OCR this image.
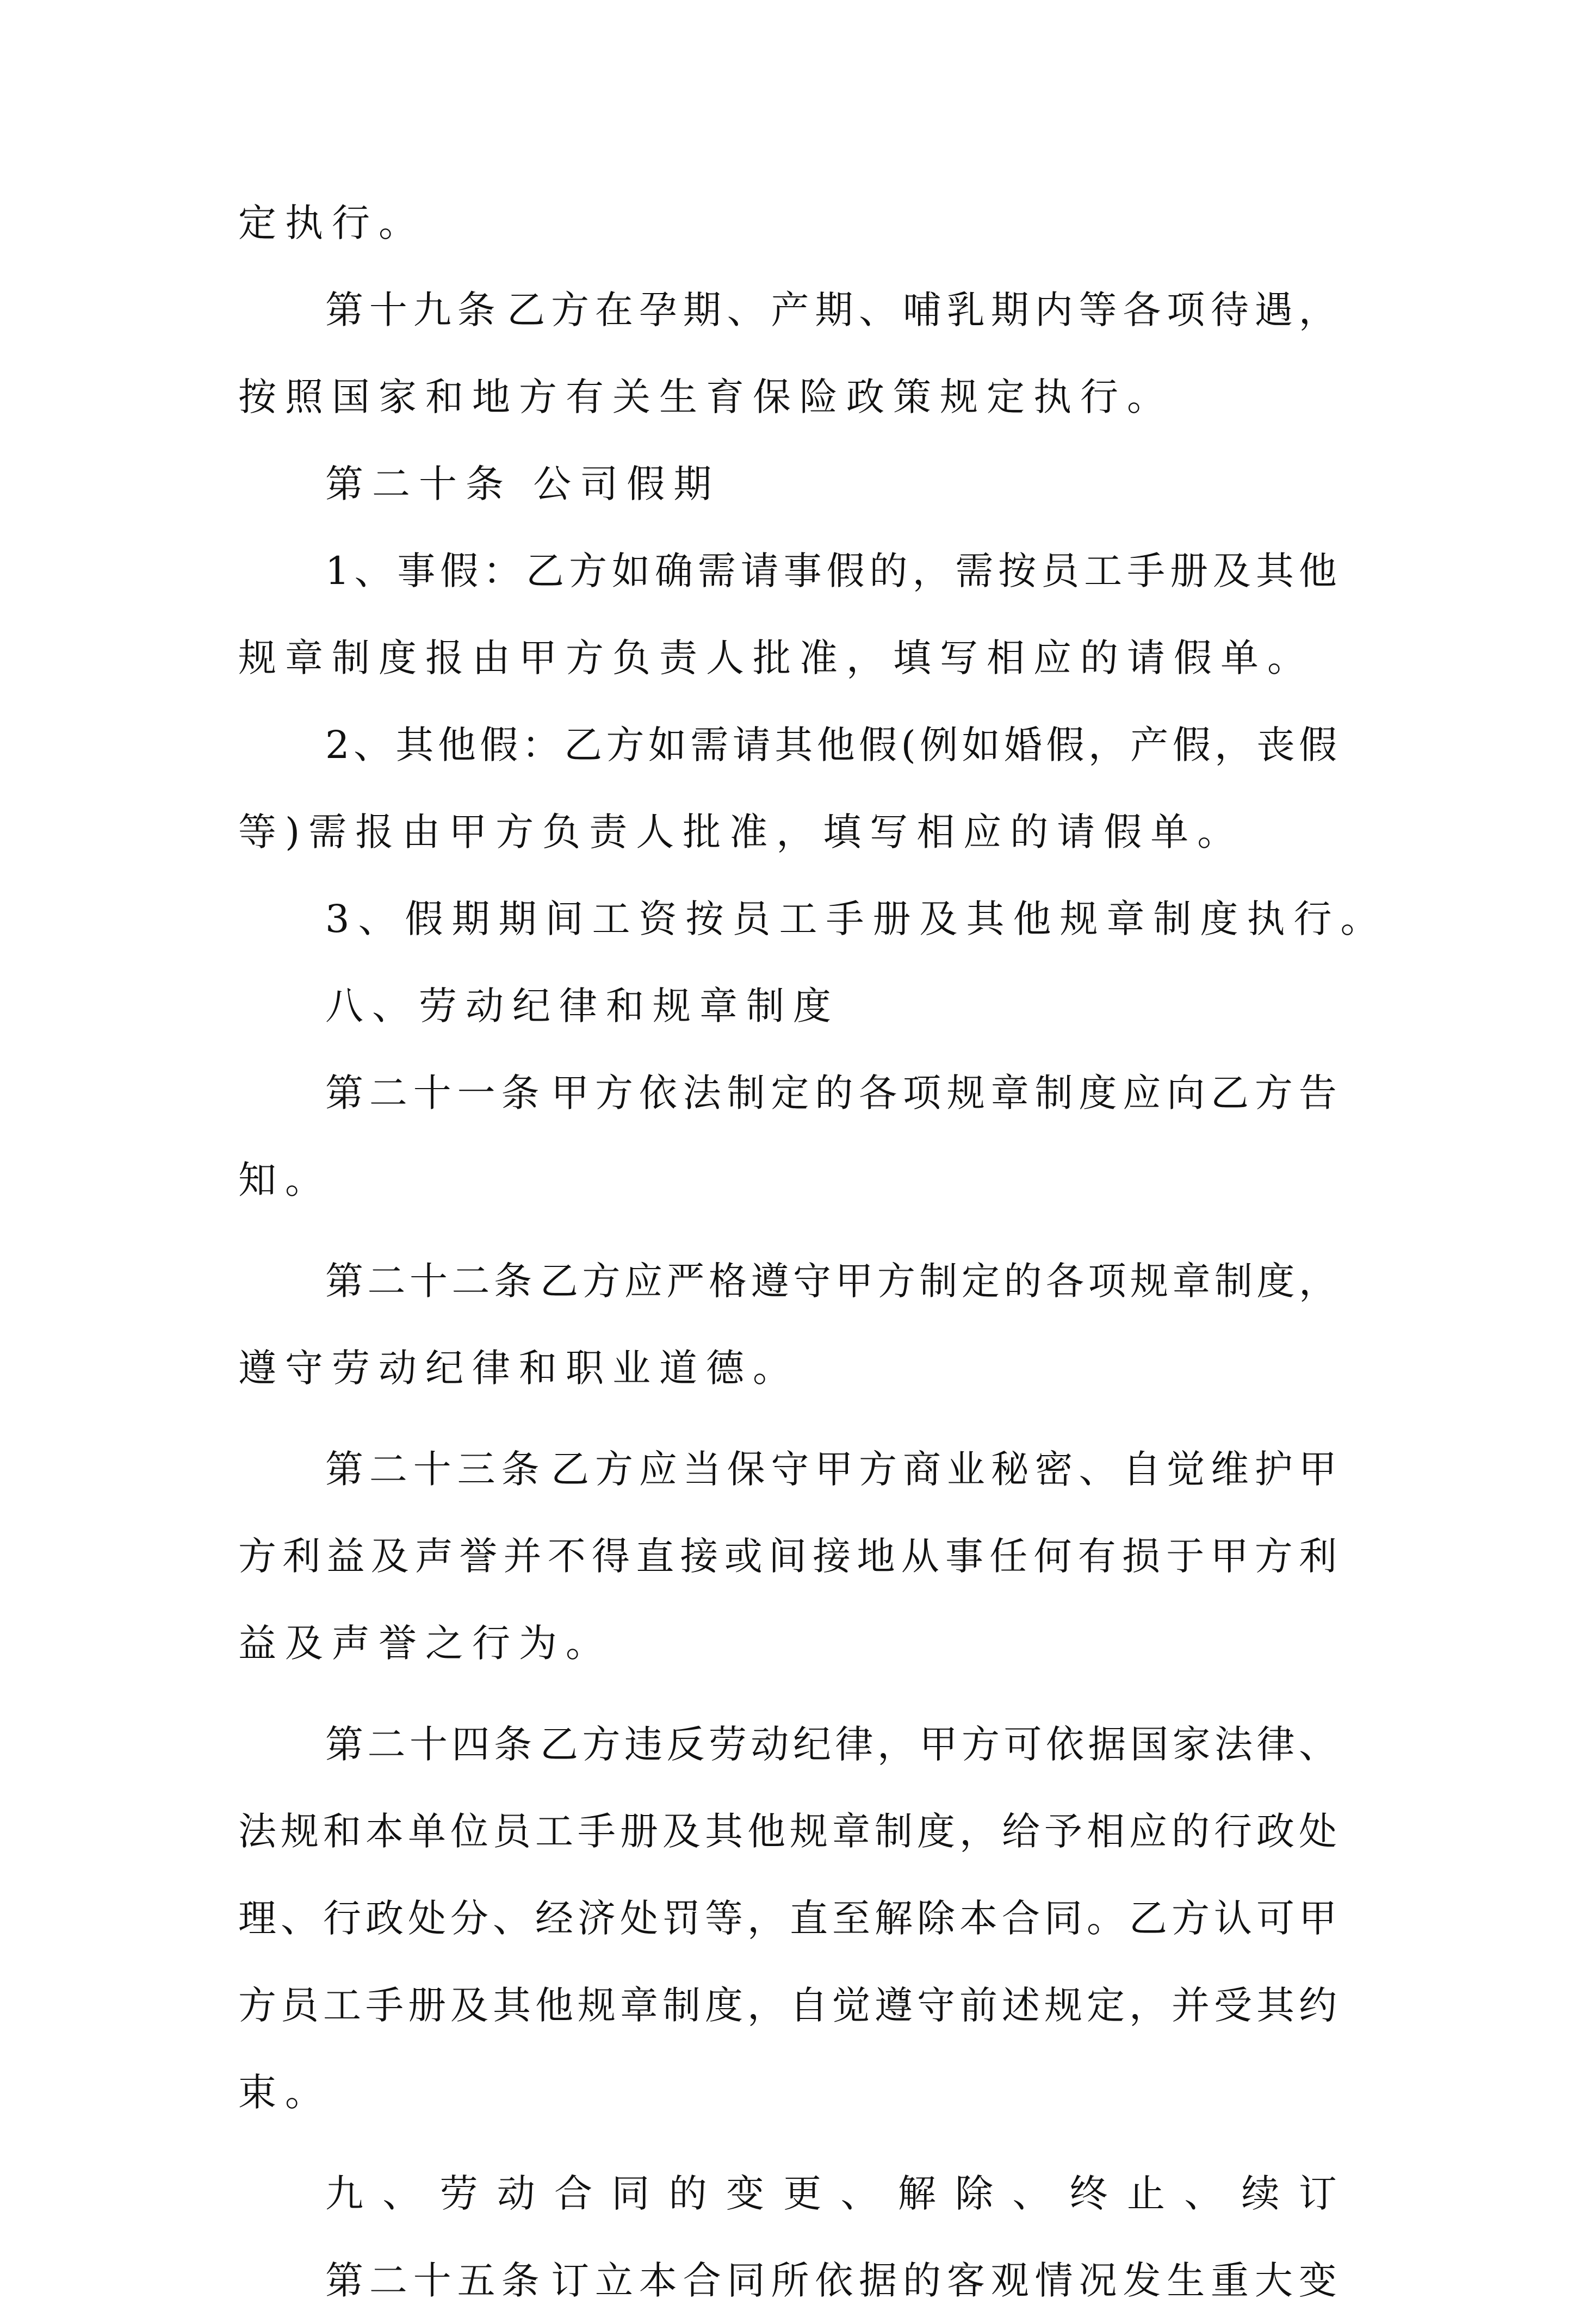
定执行。
第 十 九 条 乙 方 在 孕 期 、 产 期 、 哺 乳 期 内 等 各 项 待 遇 ，
按照国家和地方有关生育保险政策规定执行。
第二十条 公司假期
1 、 事 假 ： 乙 方 如 确 需 请 事 假 的 ， 需 按 员 工 手 册 及 其 他
规章制度报由甲方负责人批准，填写相应的请假单。
2 、 其 他 假 ： 乙 方 如 需 请 其 他 假 ( 例 如 婚 假 ， 产 假 ， 丧 假
等)需报由甲方负责人批准，填写相应的请假单。
3、假期期间工资按员工手册及其他规章制度执行。
八、劳动纪律和规章制度
第 二 十 一 条 甲 方 依 法 制 定 的 各 项 规 章 制 度 应 向 乙 方 告
知。
第 二 十 二 条 乙 方 应 严 格 遵 守 甲 方 制 定 的 各 项 规 章 制 度 ，
遵守劳动纪律和职业道德。
第 二 十 三 条 乙 方 应 当 保 守 甲 方 商 业 秘 密 、 自 觉 维 护 甲
方 利 益 及 声 誉 并 不 得 直 接 或 间 接 地 从 事 任 何 有 损 于 甲 方 利
益及声誉之行为。
第 二 十 四 条 乙 方 违 反 劳 动 纪 律 ， 甲 方 可 依 据 国 家 法 律 、
法 规 和 本 单 位 员 工 手 册 及 其 他 规 章 制 度 ， 给 予 相 应 的 行 政 处
理 、 行 政 处 分 、 经 济 处 罚 等 ， 直 至 解 除 本 合 同 。 乙 方 认 可 甲
方 员 工 手 册 及 其 他 规 章 制 度 ， 自 觉 遵 守 前 述 规 定 ， 并 受 其 约
束。
九 、 劳 动 合 同 的 变 更 、 解 除 、 终 止 、 续 订
第 二 十 五 条 订 立 本 合 同 所 依 据 的 客 观 情 况 发 生 重 大 变
